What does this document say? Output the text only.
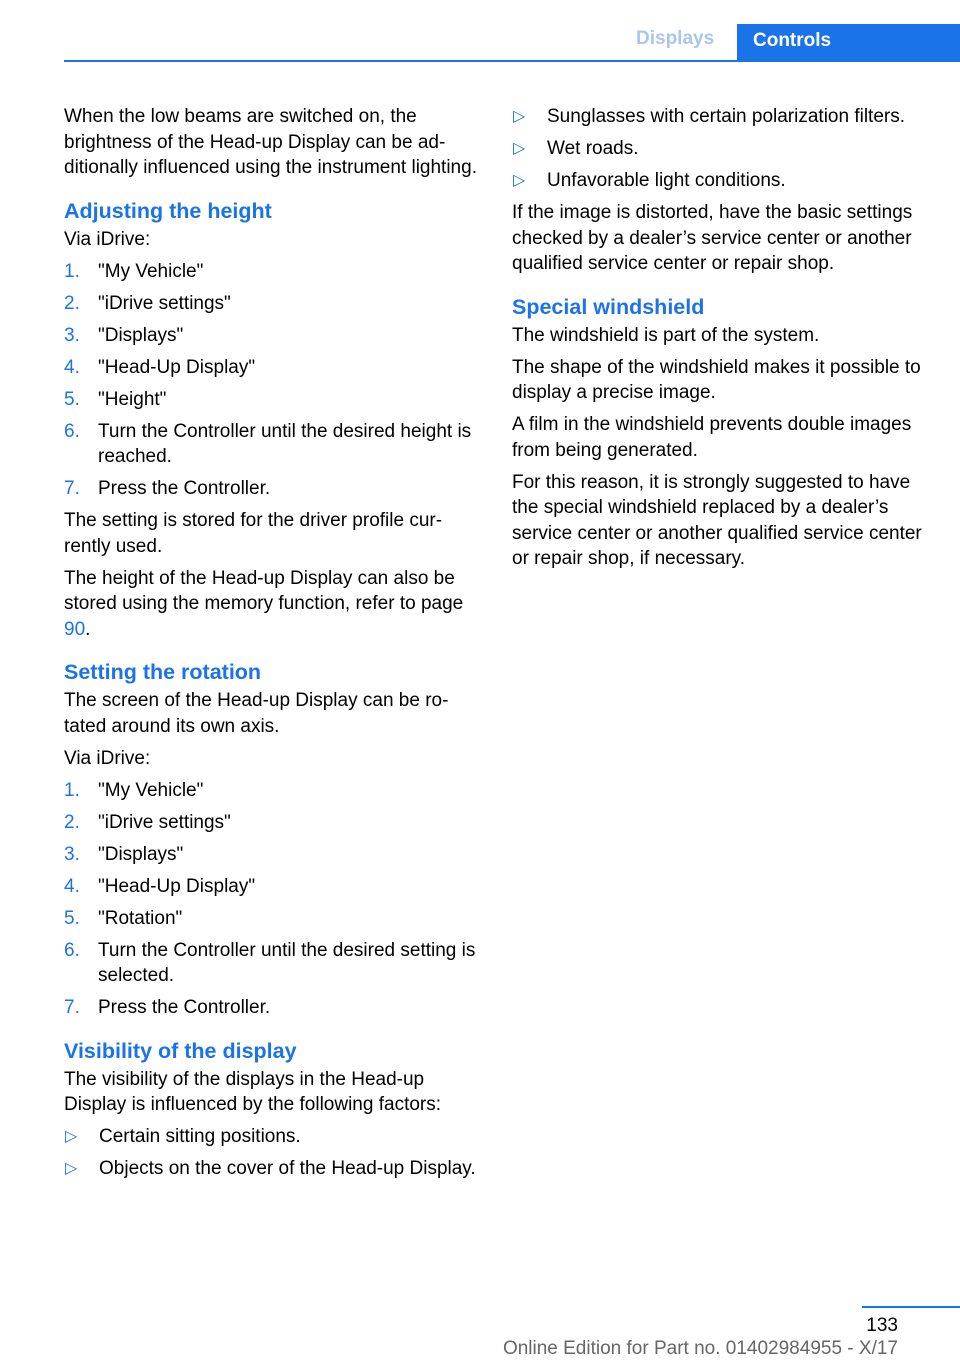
Displays	Controls

When the low beams are switched on, the brightness of the Head-up Display can be additionally influenced using the instrument lighting.

Adjusting the height

Via iDrive:

1. "My Vehicle"
2. "iDrive settings"
3. "Displays"
4. "Head-Up Display"
5. "Height"
6. Turn the Controller until the desired height is reached.
7. Press the Controller.

The setting is stored for the driver profile currently used.

The height of the Head-up Display can also be stored using the memory function, refer to page 90.

Setting the rotation

The screen of the Head-up Display can be rotated around its own axis.

Via iDrive:

1. "My Vehicle"
2. "iDrive settings"
3. "Displays"
4. "Head-Up Display"
5. "Rotation"
6. Turn the Controller until the desired setting is selected.
7. Press the Controller.
Visibility of the display

The visibility of the displays in the Head-up Display is influenced by the following factors:

▷	Certain sitting positions.
▷	Objects on the cover of the Head-up Display.
▷	Sunglasses with certain polarization filters.
▷	Wet roads.
▷	Unfavorable light conditions.

If the image is distorted, have the basic settings checked by a dealer’s service center or another qualified service center or repair shop.

Special windshield

The windshield is part of the system.

The shape of the windshield makes it possible to display a precise image.

A film in the windshield prevents double images from being generated.

For this reason, it is strongly suggested to have the special windshield replaced by a dealer’s service center or another qualified service center or repair shop, if necessary.

133
Online Edition for Part no. 01402984955 - X/17
